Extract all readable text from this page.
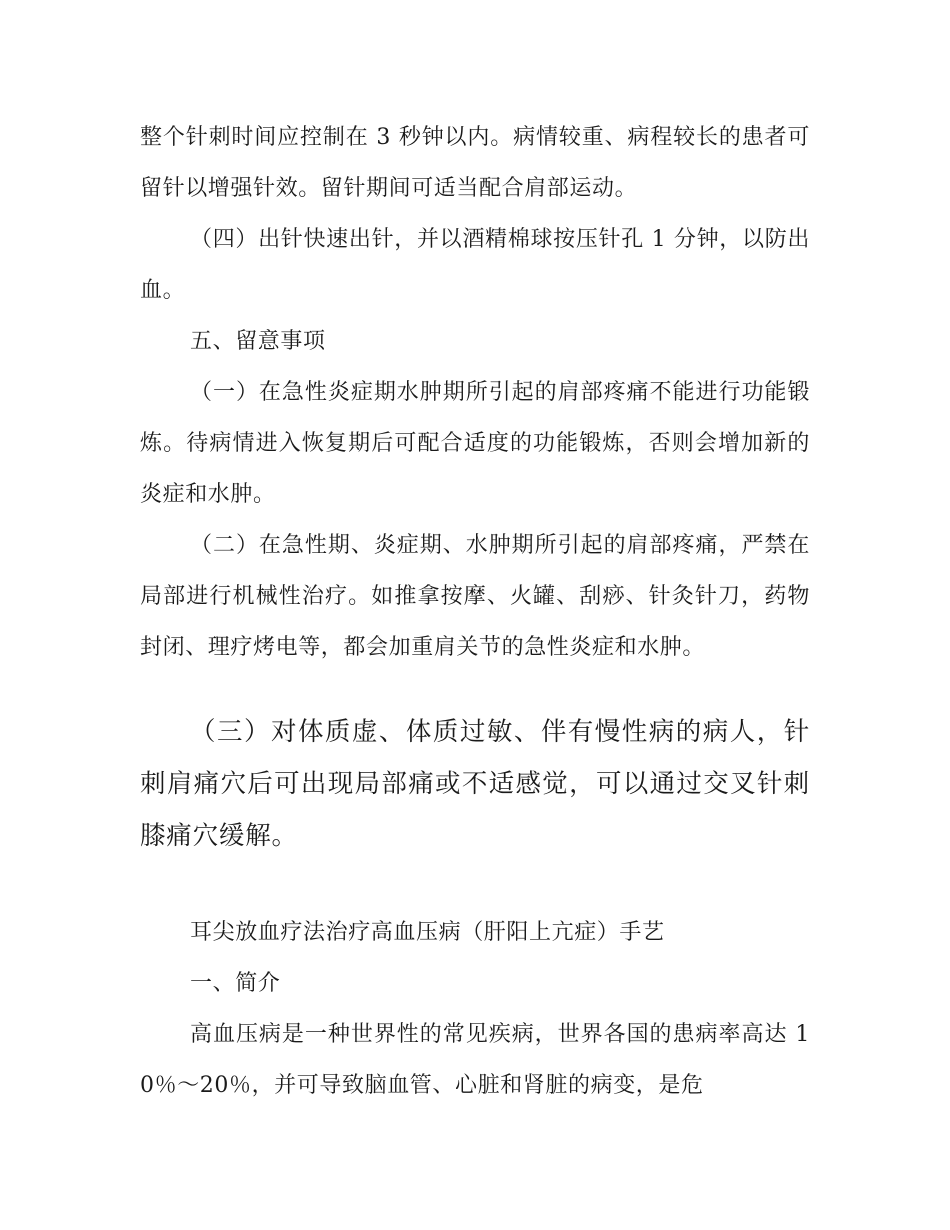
整个针刺时间应控制在 3 秒钟以内。病情较重、病程较长的患者可留针以增强针效。留针期间可适当配合肩部运动。

（四）出针快速出针，并以酒精棉球按压针孔 1 分钟，以防出血。

五、留意事项

（一）在急性炎症期水肿期所引起的肩部疼痛不能进行功能锻炼。待病情进入恢复期后可配合适度的功能锻炼，否则会增加新的炎症和水肿。

（二）在急性期、炎症期、水肿期所引起的肩部疼痛，严禁在局部进行机械性治疗。如推拿按摩、火罐、刮痧、针灸针刀，药物封闭、理疗烤电等，都会加重肩关节的急性炎症和水肿。

（三）对体质虚、体质过敏、伴有慢性病的病人，针刺肩痛穴后可出现局部痛或不适感觉，可以通过交叉针刺膝痛穴缓解。

耳尖放血疗法治疗高血压病（肝阳上亢症）手艺

一、简介

高血压病是一种世界性的常见疾病，世界各国的患病率高达 10％～20％，并可导致脑血管、心脏和肾脏的病变，是危
